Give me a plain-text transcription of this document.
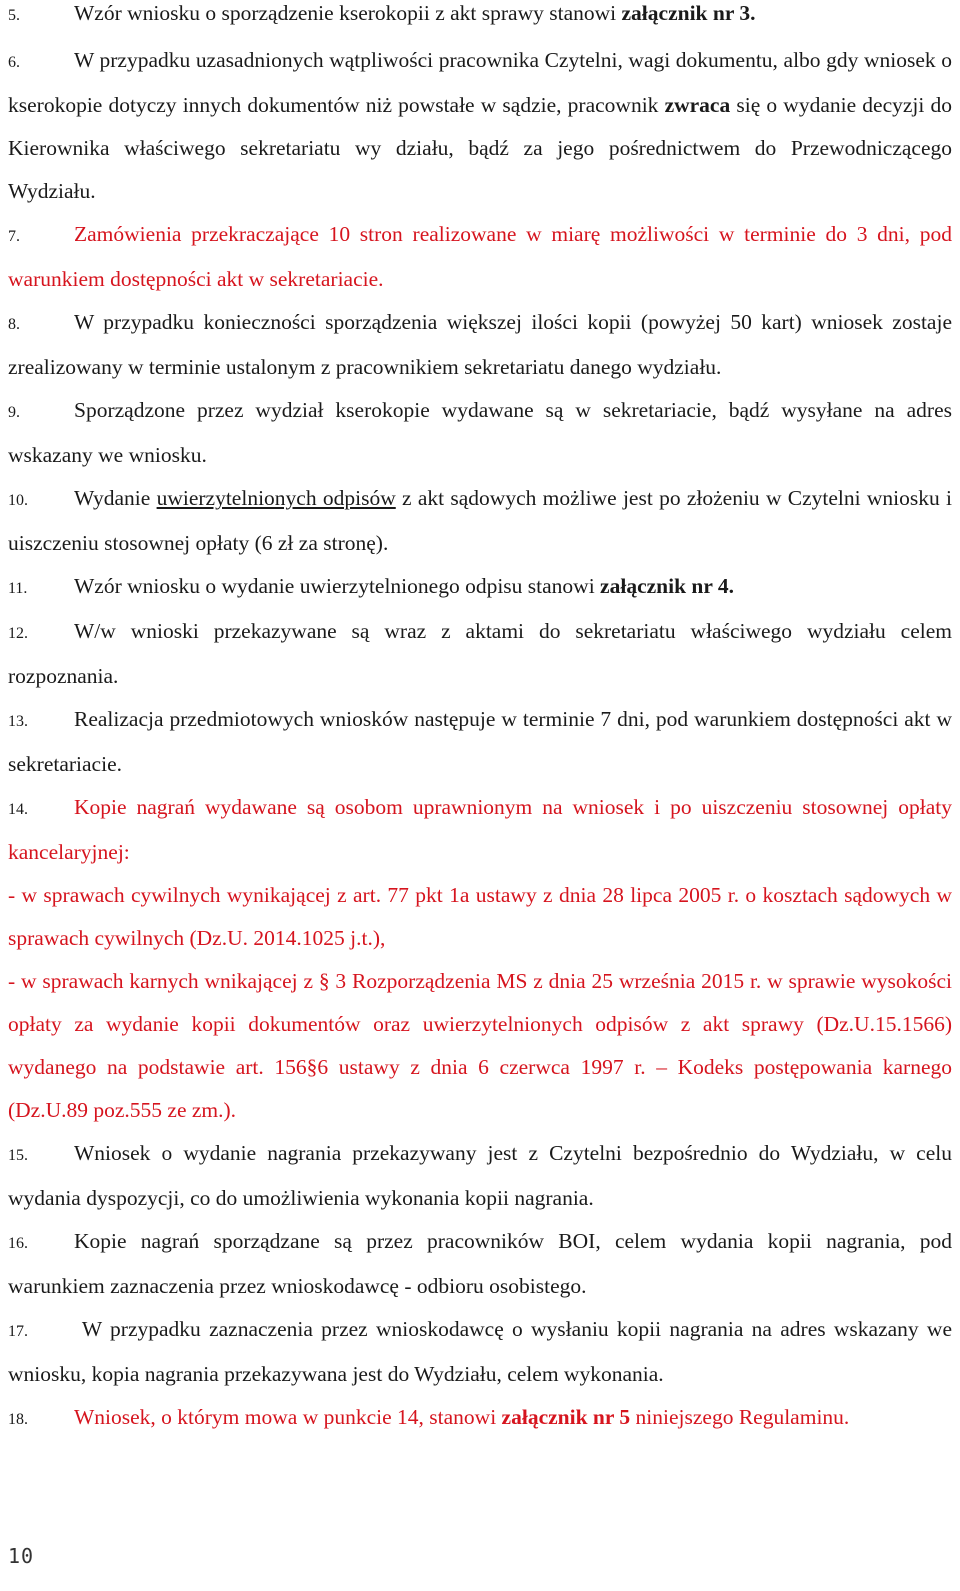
5.	Wzór wniosku o sporządzenie kserokopii z akt sprawy stanowi załącznik nr 3.

6.	W przypadku uzasadnionych wątpliwości pracownika Czytelni, wagi dokumentu, albo gdy wniosek o kserokopie dotyczy innych dokumentów niż powstałe w sądzie, pracownik zwraca się o wydanie decyzji do Kierownika właściwego sekretariatu wy działu, bądź za jego pośrednictwem do Przewodniczącego Wydziału.

7.	Zamówienia przekraczające 10 stron realizowane w miarę możliwości w terminie do 3 dni, pod warunkiem dostępności akt w sekretariacie.

8.	W przypadku konieczności sporządzenia większej ilości kopii (powyżej 50 kart) wniosek zostaje zrealizowany w terminie ustalonym z pracownikiem sekretariatu danego wydziału.

9.	Sporządzone przez wydział kserokopie wydawane są w sekretariacie, bądź wysyłane na adres wskazany we wniosku.

10. Wydanie uwierzytelnionych odpisów z akt sądowych możliwe jest po złożeniu w Czytelni wniosku i uiszczeniu stosownej opłaty (6 zł za stronę).

11. Wzór wniosku o wydanie uwierzytelnionego odpisu stanowi załącznik nr 4.

12. W/w wnioski przekazywane są wraz z aktami do sekretariatu właściwego wydziału celem rozpoznania.

13. Realizacja przedmiotowych wniosków następuje w terminie 7 dni, pod warunkiem dostępności akt w sekretariacie.

14. Kopie nagrań wydawane są osobom uprawnionym na wniosek i po uiszczeniu stosownej opłaty kancelaryjnej:

- w sprawach cywilnych wynikającej z art. 77 pkt 1a ustawy z dnia 28 lipca 2005 r. o kosztach sądowych w sprawach cywilnych (Dz.U. 2014.1025 j.t.),

- w sprawach karnych wnikającej z § 3 Rozporządzenia MS z dnia 25 września 2015 r. w sprawie wysokości opłaty za wydanie kopii dokumentów oraz uwierzytelnionych odpisów z akt sprawy (Dz.U.15.1566) wydanego na podstawie art. 156§6 ustawy z dnia 6 czerwca 1997 r. – Kodeks postępowania karnego (Dz.U.89 poz.555 ze zm.).

15. Wniosek o wydanie nagrania przekazywany jest z Czytelni bezpośrednio do Wydziału, w celu wydania dyspozycji, co do umożliwienia wykonania kopii nagrania.

16. Kopie nagrań sporządzane są przez pracowników BOI, celem wydania kopii nagrania, pod warunkiem zaznaczenia przez wnioskodawcę - odbioru osobistego.

17. W przypadku zaznaczenia przez wnioskodawcę o wysłaniu kopii nagrania na adres wskazany we wniosku, kopia nagrania przekazywana jest do Wydziału, celem wykonania.

18. Wniosek, o którym mowa w punkcie 14, stanowi załącznik nr 5 niniejszego Regulaminu.

10
